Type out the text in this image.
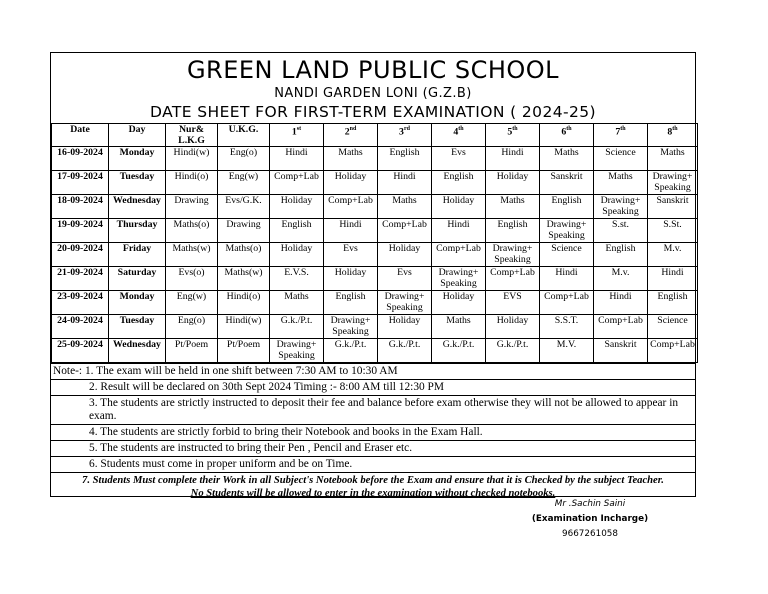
GREEN LAND PUBLIC SCHOOL
NANDI GARDEN LONI (G.Z.B)
DATE SHEET FOR FIRST-TERM EXAMINATION ( 2024-25)
Date	Day	Nur& L.K.G	U.K.G.	1st	2nd	3rd	4th	5th	6th	7th	8th
16-09-2024	Monday	Hindi(w)	Eng(o)	Hindi	Maths	English	Evs	Hindi	Maths	Science	Maths
17-09-2024	Tuesday	Hindi(o)	Eng(w)	Comp+Lab	Holiday	Hindi	English	Holiday	Sanskrit	Maths	Drawing+ Speaking
18-09-2024	Wednesday	Drawing	Evs/G.K.	Holiday	Comp+Lab	Maths	Holiday	Maths	English	Drawing+ Speaking	Sanskrit
19-09-2024	Thursday	Maths(o)	Drawing	English	Hindi	Comp+Lab	Hindi	English	Drawing+ Speaking	S.st.	S.St.
20-09-2024	Friday	Maths(w)	Maths(o)	Holiday	Evs	Holiday	Comp+Lab	Drawing+ Speaking	Science	English	M.v.
21-09-2024	Saturday	Evs(o)	Maths(w)	E.V.S.	Holiday	Evs	Drawing+ Speaking	Comp+Lab	Hindi	M.v.	Hindi
23-09-2024	Monday	Eng(w)	Hindi(o)	Maths	English	Drawing+ Speaking	Holiday	EVS	Comp+Lab	Hindi	English
24-09-2024	Tuesday	Eng(o)	Hindi(w)	G.k./P.t.	Drawing+ Speaking	Holiday	Maths	Holiday	S.S.T.	Comp+Lab	Science
25-09-2024	Wednesday	Pt/Poem	Pt/Poem	Drawing+ Speaking	G.k./P.t.	G.k./P.t.	G.k./P.t.	G.k./P.t.	M.V.	Sanskrit	Comp+Lab
Note-: 1. The exam will be held in one shift between 7:30 AM to 10:30 AM
2. Result will be declared on 30th Sept 2024 Timing :- 8:00 AM till 12:30 PM
3. The students are strictly instructed to deposit their fee and balance before exam otherwise they will not be allowed to appear in exam.
4. The students are strictly forbid to bring their Notebook and books in the Exam Hall.
5. The students are instructed to bring their Pen , Pencil and Eraser etc.
6. Students must come in proper uniform and be on Time.
7. Students Must complete their Work in all Subject's Notebook before the Exam and ensure that it is Checked by the subject Teacher. No Students will be allowed to enter in the examination without checked notebooks.
Mr .Sachin Saini
(Examination Incharge)
9667261058
